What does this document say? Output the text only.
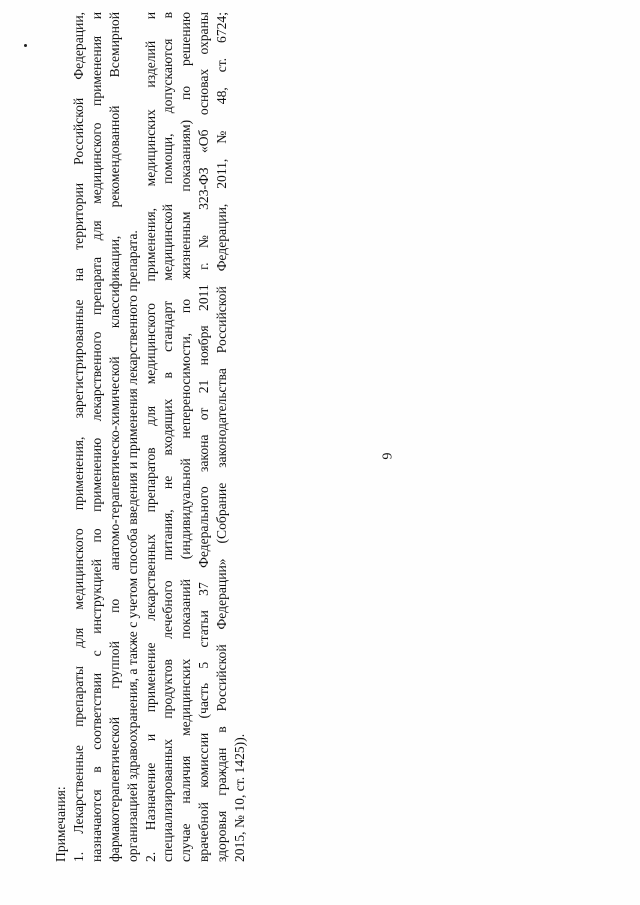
Примечания: 1. Лекарственные препараты для медицинского применения, зарегистрированные на территории Российской Федерации, назначаются в соответствии с инструкцией по применению лекарственного препарата для медицинского применения и фармакотерапевтической группой по анатомо-терапевтическо-химической классификации, рекомендованной Всемирной организацией здравоохранения, а также с учетом способа введения и применения лекарственного препарата. 2. Назначение и применение лекарственных препаратов для медицинского применения, медицинских изделий и специализированных продуктов лечебного питания, не входящих в стандарт медицинской помощи, допускаются в случае наличия медицинских показаний (индивидуальной непереносимости, по жизненным показаниям) по решению врачебной комиссии (часть 5 статьи 37 Федерального закона от 21 ноября 2011 г. № 323-ФЗ «Об основах охраны здоровья граждан в Российской Федерации» (Собрание законодательства Российской Федерации, 2011, № 48, ст. 6724; 2015, № 10, ст. 1425)).

6
